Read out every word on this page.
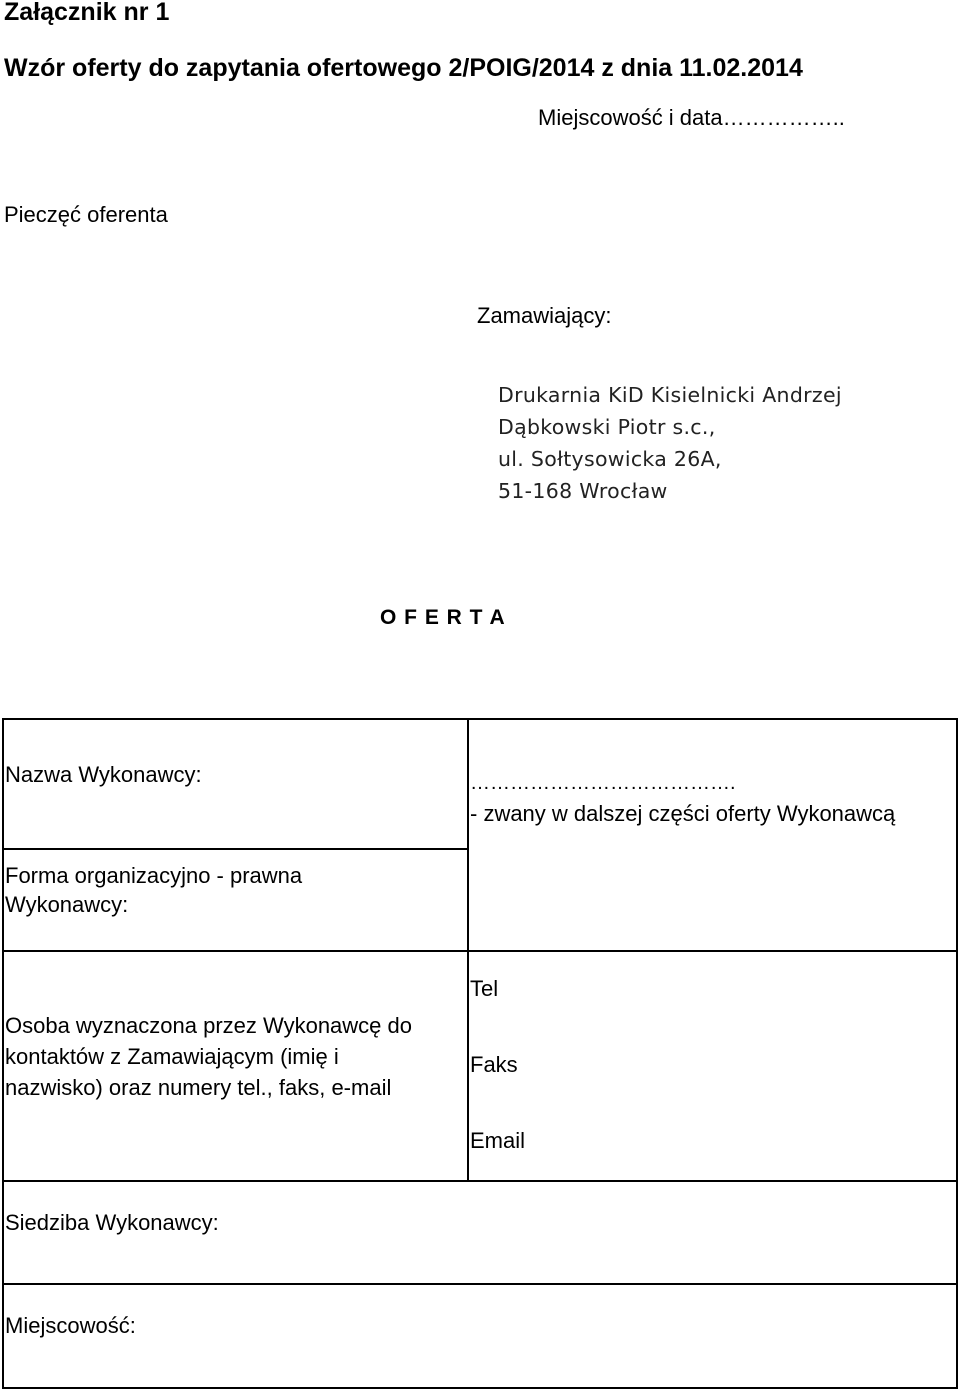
Załącznik nr 1
Wzór oferty do zapytania ofertowego 2/POIG/2014 z dnia 11.02.2014
Miejscowość i data……………..
Pieczęć oferenta
Zamawiający:
Drukarnia KiD Kisielnicki Andrzej
Dąbkowski Piotr s.c.,
ul. Sołtysowicka 26A,
51-168 Wrocław
O F E R T A
Nazwa Wykonawcy:	………………………………….
- zwany w dalszej części oferty Wykonawcą
Forma organizacyjno - prawna
Wykonawcy:
Osoba wyznaczona przez Wykonawcę do
kontaktów z Zamawiającym (imię i
nazwisko) oraz numery tel., faks, e-mail
Tel
Faks
Email
Siedziba Wykonawcy:
Miejscowość:
